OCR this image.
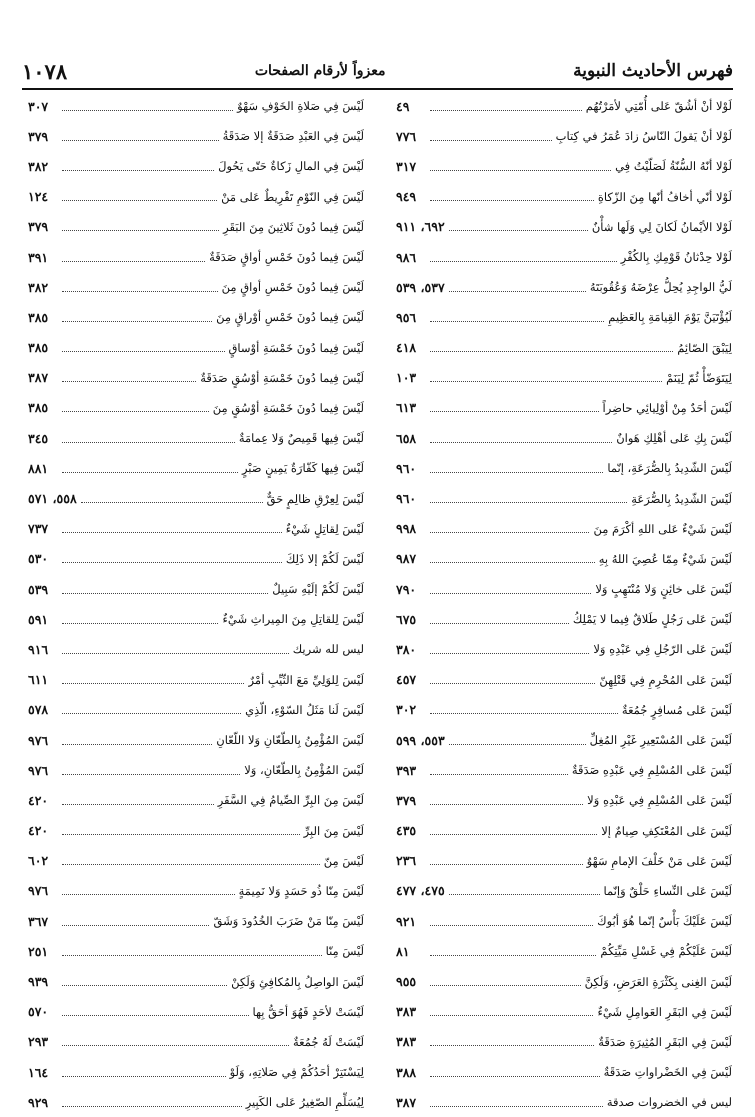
فهرس الأحاديث النبوية
معزواً لأرقام الصفحات
١٠٧٨
لَوْلا أنْ أشُقّ عَلى أُمّتِي لأمَرْتُهُم
٤٩
لَوْلا أنْ يَقولَ النّاسُ زادَ عُمَرُ في كِتابِ
٧٧٦
لَوْلا أنّهُ السُّنّةُ لَصَلّيْتُ فِي
٣١٧
لَوْلا أنّي أخافُ أنّها مِنَ الزّكاةِ
٩٤٩
لَوْلا الأيْمانُ لَكانَ لِي وَلَها شأْنٌ
٦٩٢، ٩١١
لَوْلا حِدْثانُ قَوْمِكِ بِالكُفْرِ
٩٨٦
لَيُّ الواجِدِ يُحِلُّ عِرْضَهُ وَعُقُوبَتَهُ
٥٣٧، ٥٣٩
لَيُؤْتَيَنَّ يَوْمَ القِيامَةِ بِالعَظِيمِ
٩٥٦
لِيَبْقَ الصّائِمُ
٤١٨
لِيَتَوَضّأْ ثُمّ لِيَنَمْ
١٠٣
لَيْسَ أحَدٌ مِنْ أوْلِيائِي حاضِراً
٦١٣
لَيْسَ بِكِ عَلى أهْلِكِ هَوانٌ
٦٥٨
لَيْسَ الشّدِيدُ بِالصُّرَعَةِ، إنّما
٩٦٠
لَيْسَ الشّدِيدُ بِالصُّرَعَةِ
٩٦٠
لَيْسَ شَيْءٌ عَلى اللهِ أكْرَمَ مِنَ
٩٩٨
لَيْسَ شَيْءٌ مِمّا عُصِيَ اللهُ بِهِ
٩٨٧
لَيْسَ عَلى خائِنٍ وَلا مُنْتَهِبٍ وَلا
٧٩٠
لَيْسَ عَلى رَجُلٍ طَلاقٌ فِيما لا يَمْلِكُ
٦٧٥
لَيْسَ عَلى الرّجُلِ فِي عَبْدِهِ وَلا
٣٨٠
لَيْسَ عَلى المُحْرِمِ فِي قَتْلِهِنّ
٤٥٧
لَيْسَ عَلى مُسافِرٍ جُمُعَةٌ
٣٠٢
لَيْسَ عَلى المُسْتَعِيرِ غَيْرِ المُغِلِّ
٥٥٣، ٥٩٩
لَيْسَ عَلى المُسْلِمِ فِي عَبْدِهِ صَدَقَةٌ
٣٩٣
لَيْسَ عَلى المُسْلِمِ فِي عَبْدِهِ وَلا
٣٧٩
لَيْسَ عَلى المُعْتَكِفِ صِيامٌ إلا
٤٣٥
لَيْسَ عَلى مَنْ خَلْفَ الإمامِ سَهْوٌ
٢٣٦
لَيْسَ عَلى النِّساءِ حَلْقٌ وَإنّما
٤٧٥، ٤٧٧
لَيْسَ عَلَيْكَ بَأْسٌ إنّما هُوَ أبُوكَ
٩٢١
لَيْسَ عَلَيْكُمْ فِي غَسْلِ مَيِّتِكُمْ
٨١
لَيْسَ الغِنى بِكَثْرَةِ العَرَضِ، وَلَكِنَّ
٩٥٥
لَيْسَ فِي البَقَرِ العَوامِلِ شَيْءٌ
٣٨٣
لَيْسَ فِي البَقَرِ المُثِيرَةِ صَدَقَةٌ
٣٨٣
لَيْسَ فِي الخَضْراواتِ صَدَقَةٌ
٣٨٨
ليس في الخضروات صدقة
٣٨٧
لَيْسَ فِي صَلاةِ الخَوْفِ سَهْوٌ
٣٠٧
لَيْسَ فِي العَبْدِ صَدَقَةٌ إلا صَدَقَةُ
٣٧٩
لَيْسَ فِي المالِ زَكاةٌ حَتّى يَحُولَ
٣٨٢
لَيْسَ فِي النّوْمِ تَفْرِيطٌ عَلى مَنْ
١٢٤
لَيْسَ فِيما دُونَ ثَلاثِينَ مِنَ البَقَرِ
٣٧٩
لَيْسَ فِيما دُونَ خَمْسِ أواقٍ صَدَقَةٌ
٣٩١
لَيْسَ فِيما دُونَ خَمْسِ أواقٍ مِنَ
٣٨٢
لَيْسَ فِيما دُونَ خَمْسِ أوْراقٍ مِنَ
٣٨٥
لَيْسَ فِيما دُونَ خَمْسَةِ أوْساقٍ
٣٨٥
لَيْسَ فِيما دُونَ خَمْسَةِ أوْسُقٍ صَدَقَةٌ
٣٨٧
لَيْسَ فِيما دُونَ خَمْسَةِ أوْسُقٍ مِنَ
٣٨٥
لَيْسَ فِيها قَمِيصٌ وَلا عِمامَةٌ
٣٤٥
لَيْسَ فِيها كَفّارَةٌ يَمِينٍ صَبْرٍ
٨٨١
لَيْسَ لِعِرْقِ ظالِمٍ حَقٌّ
٥٥٨، ٥٧١
لَيْسَ لِقاتِلٍ شَيْءٌ
٧٣٧
لَيْسَ لَكُمْ إلا ذَلِكَ
٥٣٠
لَيْسَ لَكُمْ إلَيْهِ سَبِيلٌ
٥٣٩
لَيْسَ لِلقاتِلِ مِنَ المِيراثِ شَيْءٌ
٥٩١
ليس لله شريك
٩١٦
لَيْسَ لِلوَلِيِّ مَعَ الثّيِّبِ أمْرٌ
٦١١
لَيْسَ لَنا مَثَلُ السّوْءِ، الّذِي
٥٧٨
لَيْسَ المُؤْمِنُ بِالطّعّانِ وَلا اللّعّانِ
٩٧٦
لَيْسَ المُؤْمِنُ بِالطّعّانِ، وَلا
٩٧٦
لَيْسَ مِنَ البِرِّ الصِّيامُ فِي السَّفَرِ
٤٢٠
لَيْسَ مِنَ البِرِّ
٤٢٠
لَيْسَ مِنّ
٦٠٢
لَيْسَ مِنّا ذُو حَسَدٍ وَلا نَمِيمَةٍ
٩٧٦
لَيْسَ مِنّا مَنْ ضَرَبَ الخُدُودَ وَشَقّ
٣٦٧
لَيْسَ مِنّا
٢٥١
لَيْسَ الواصِلُ بِالمُكافِئِ وَلَكِنْ
٩٣٩
لَيْسَتْ لأحَدٍ فَهُوَ أحَقُّ بِها
٥٧٠
لَيْسَتْ لَهُ جُمُعَةٌ
٢٩٣
لِيَسْتَتِرْ أحَدُكُمْ فِي صَلاتِهِ، وَلَوْ
١٦٤
لِيُسَلِّمِ الصّغِيرُ عَلى الكَبِيرِ
٩٢٩
